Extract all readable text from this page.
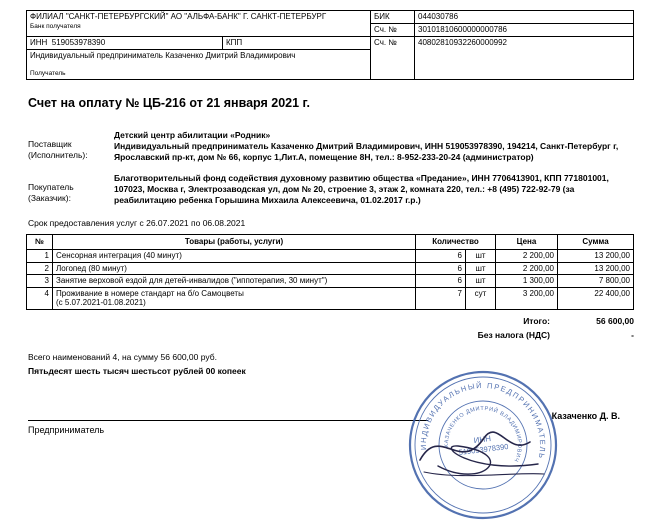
ФИЛИАЛ "САНКТ-ПЕТЕРБУРГСКИЙ" АО "АЛЬФА-БАНК" Г. САНКТ-ПЕТЕРБУРГ
Банк получателя		БИК	044030786
		Сч. №	30101810600000000786
ИНН 519053978390	КПП	Сч. №	40802810932260000992

Индивидуальный предприниматель Казаченко Дмитрий Владимирович
Получатель			
Счет на оплату № ЦБ-216 от 21 января 2021 г.
Поставщик
(Исполнитель):
Детский центр абилитации «Родник»
Индивидуальный предприниматель Казаченко Дмитрий Владимирович, ИНН 519053978390, 194214, Санкт-Петербург г, Ярославский пр-кт, дом № 66, корпус 1,Лит.А, помещение 8Н, тел.: 8-952-233-20-24 (администратор)
Покупатель
(Заказчик):
Благотворительный фонд содействия духовному развитию общества «Предание», ИНН 7706413901, КПП 771801001, 107023, Москва г, Электрозаводская ул, дом № 20, строение 3, этаж 2, комната 220, тел.: +8 (495) 722-92-79 (за реабилитацию ребенка Горышина Михаила Алексеевича, 01.02.2017 г.р.)
Срок предоставления услуг с 26.07.2021 по 06.08.2021
№	Товары (работы, услуги)	Количество		Цена	Сумма
1	Сенсорная интеграция (40 минут)	6	шт	2 200,00	13 200,00
2	Логопед (80 минут)	6	шт	2 200,00	13 200,00
3	Занятие верховой ездой для детей-инвалидов ("иппотерапия, 30 минут")	6	шт	1 300,00	7 800,00
4	Проживание в номере стандарт на б/о Самоцветы
(с 5.07.2021-01.08.2021)	7	сут	3 200,00	22 400,00
Итого:	56 600,00
Без налога (НДС)	-
Всего наименований 4, на сумму 56 600,00 руб.
Пятьдесят шесть тысяч шестьсот рублей 00 копеек
Казаченко Д. В.
Предприниматель
ИНДИВИДУАЛЬНЫЙ ПРЕДПРИНИМАТЕЛЬ
КАЗАЧЕНКО ДМИТРИЙ ВЛАДИМИРОВИЧ
ИНН
519053978390
